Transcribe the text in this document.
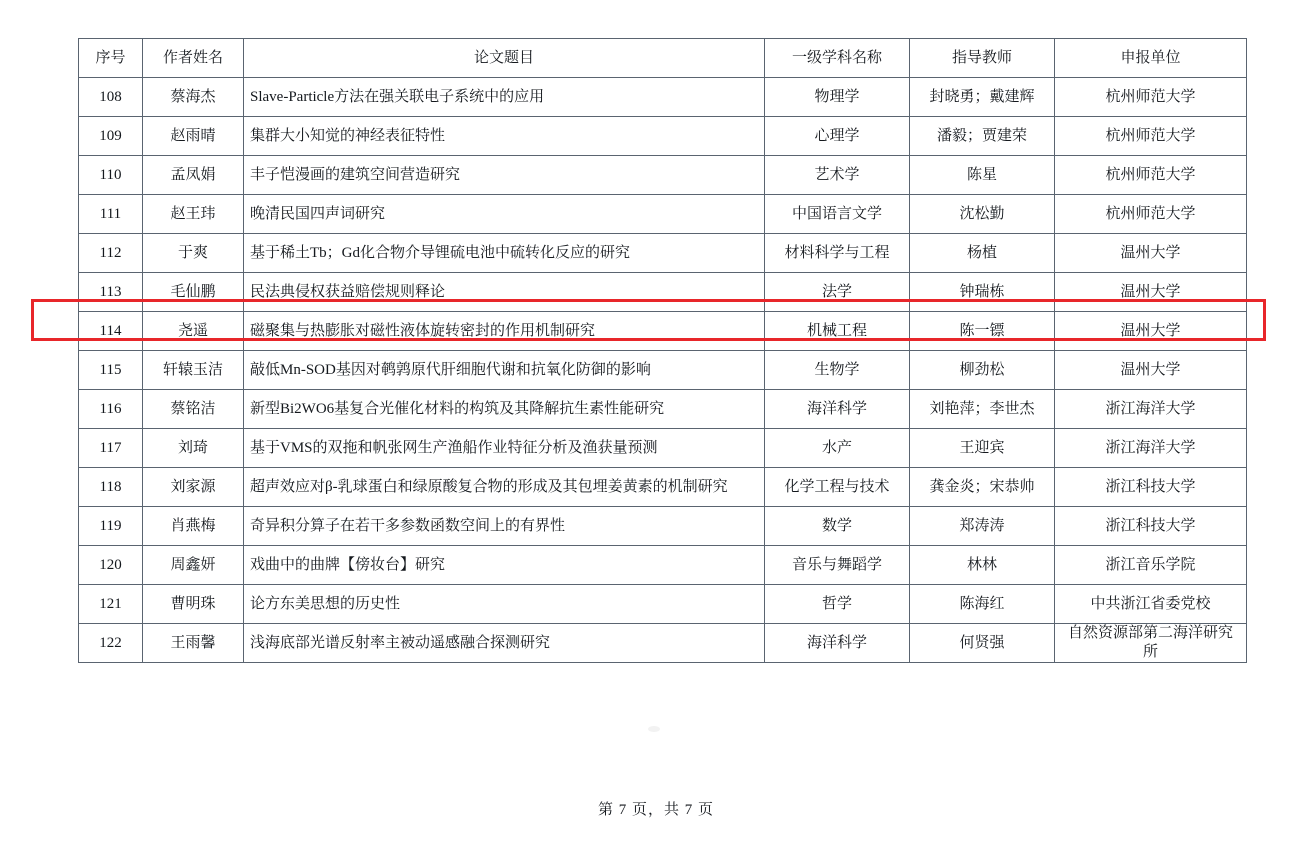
序号	作者姓名	论文题目	一级学科名称	指导教师	申报单位
108	蔡海杰	Slave-Particle方法在强关联电子系统中的应用	物理学	封晓勇；戴建辉	杭州师范大学
109	赵雨晴	集群大小知觉的神经表征特性	心理学	潘毅；贾建荣	杭州师范大学
110	孟凤娟	丰子恺漫画的建筑空间营造研究	艺术学	陈星	杭州师范大学
111	赵王玮	晚清民国四声词研究	中国语言文学	沈松勤	杭州师范大学
112	于爽	基于稀土Tb；Gd化合物介导锂硫电池中硫转化反应的研究	材料科学与工程	杨植	温州大学
113	毛仙鹏	民法典侵权获益赔偿规则释论	法学	钟瑞栋	温州大学
114	尧遥	磁聚集与热膨胀对磁性液体旋转密封的作用机制研究	机械工程	陈一镖	温州大学
115	轩辕玉洁	敲低Mn-SOD基因对鹌鹑原代肝细胞代谢和抗氧化防御的影响	生物学	柳劲松	温州大学
116	蔡铭洁	新型Bi2WO6基复合光催化材料的构筑及其降解抗生素性能研究	海洋科学	刘艳萍；李世杰	浙江海洋大学
117	刘琦	基于VMS的双拖和帆张网生产渔船作业特征分析及渔获量预测	水产	王迎宾	浙江海洋大学
118	刘家源	超声效应对β-乳球蛋白和绿原酸复合物的形成及其包埋姜黄素的机制研究	化学工程与技术	龚金炎；宋恭帅	浙江科技大学
119	肖燕梅	奇异积分算子在若干多参数函数空间上的有界性	数学	郑涛涛	浙江科技大学
120	周鑫妍	戏曲中的曲牌【傍妆台】研究	音乐与舞蹈学	林林	浙江音乐学院
121	曹明珠	论方东美思想的历史性	哲学	陈海红	中共浙江省委党校
122	王雨馨	浅海底部光谱反射率主被动遥感融合探测研究	海洋科学	何贤强	自然资源部第二海洋研究所
第 7 页，共 7 页
